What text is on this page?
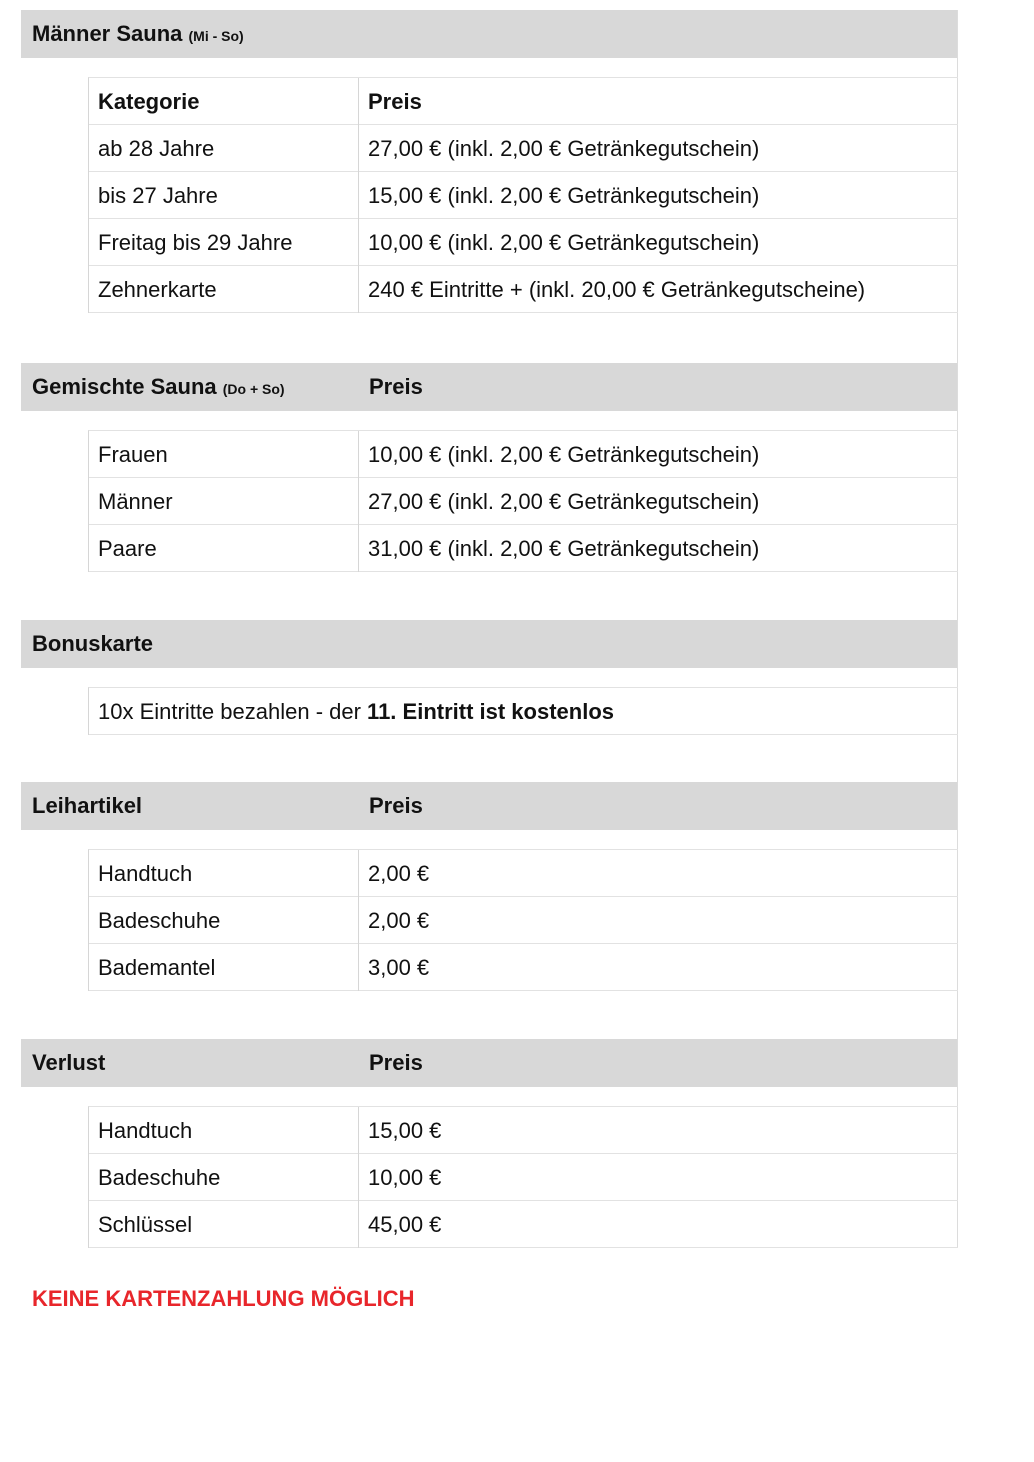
Männer Sauna (Mi - So)
Kategorie	Preis
ab 28 Jahre	27,00 € (inkl. 2,00 € Getränkegutschein)
bis 27 Jahre	15,00 € (inkl. 2,00 € Getränkegutschein)
Freitag bis 29 Jahre	10,00 € (inkl. 2,00 € Getränkegutschein)
Zehnerkarte	240 € Eintritte + (inkl. 20,00 € Getränkegutscheine)
Gemischte Sauna (Do + So)	Preis
Frauen	10,00 € (inkl. 2,00 € Getränkegutschein)
Männer	27,00 € (inkl. 2,00 € Getränkegutschein)
Paare	31,00 € (inkl. 2,00 € Getränkegutschein)
Bonuskarte
10x Eintritte bezahlen - der 11. Eintritt ist kostenlos
Leihartikel	Preis
Handtuch	2,00 €
Badeschuhe	2,00 €
Bademantel	3,00 €
Verlust	Preis
Handtuch	15,00 €
Badeschuhe	10,00 €
Schlüssel	45,00 €
KEINE KARTENZAHLUNG MÖGLICH
